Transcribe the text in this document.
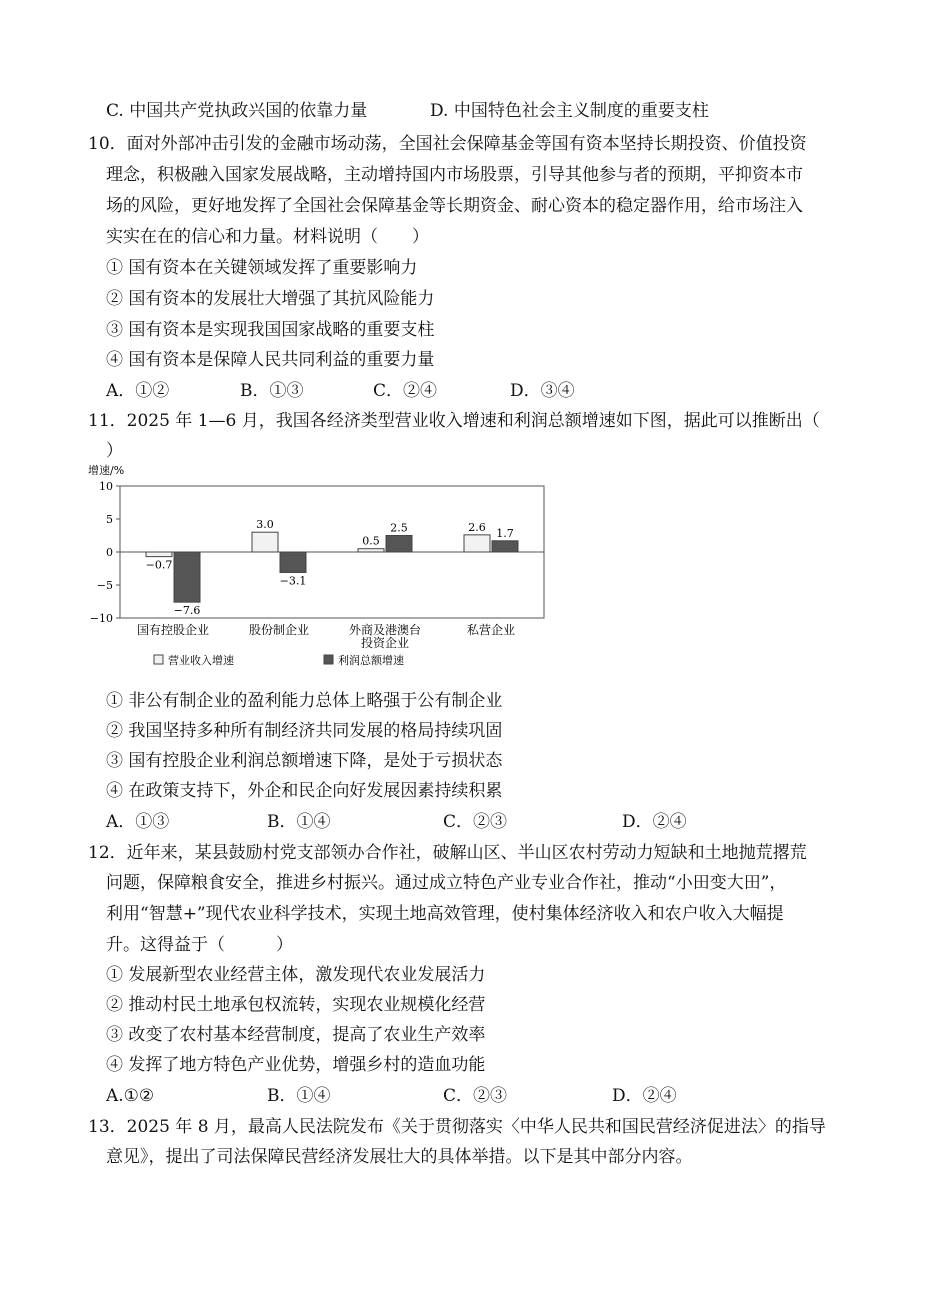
C. 中国共产党执政兴国的依靠力量	D. 中国特色社会主义制度的重要支柱
10．面对外部冲击引发的金融市场动荡，全国社会保障基金等国有资本坚持长期投资、价值投资
理念，积极融入国家发展战略，主动增持国内市场股票，引导其他参与者的预期，平抑资本市
场的风险，更好地发挥了全国社会保障基金等长期资金、耐心资本的稳定器作用，给市场注入
实实在在的信心和力量。材料说明（　　）
① 国有资本在关键领域发挥了重要影响力
② 国有资本的发展壮大增强了其抗风险能力
③ 国有资本是实现我国国家战略的重要支柱
④ 国有资本是保障人民共同利益的重要力量
A．①②	B．①③	C．②④	D．③④
11．2025 年 1—6 月，我国各经济类型营业收入增速和利润总额增速如下图，据此可以推断出（
）
增速/%
10
5
0
−5
−10
−0.7
−7.6
3.0
−3.1
0.5
2.5	2.6 1.7
国有控股企业	股份制企业	外商及港澳台
投资企业
私营企业
营业收入增速	利润总额增速
① 非公有制企业的盈利能力总体上略强于公有制企业
② 我国坚持多种所有制经济共同发展的格局持续巩固
③ 国有控股企业利润总额增速下降，是处于亏损状态
④ 在政策支持下，外企和民企向好发展因素持续积累
A．①③	B．①④	C．②③	D．②④
12．近年来，某县鼓励村党支部领办合作社，破解山区、半山区农村劳动力短缺和土地抛荒撂荒
问题，保障粮食安全，推进乡村振兴。通过成立特色产业专业合作社，推动“小田变大田”，
利用“智慧+”现代农业科学技术，实现土地高效管理，使村集体经济收入和农户收入大幅提
升。这得益于（　　　）
① 发展新型农业经营主体，激发现代农业发展活力
② 推动村民土地承包权流转，实现农业规模化经营
③ 改变了农村基本经营制度，提高了农业生产效率
④ 发挥了地方特色产业优势，增强乡村的造血功能
A.①②	B．①④	C．②③	D．②④
13．2025 年 8 月，最高人民法院发布《关于贯彻落实〈中华人民共和国民营经济促进法〉的指导
意见》，提出了司法保障民营经济发展壮大的具体举措。以下是其中部分内容。
